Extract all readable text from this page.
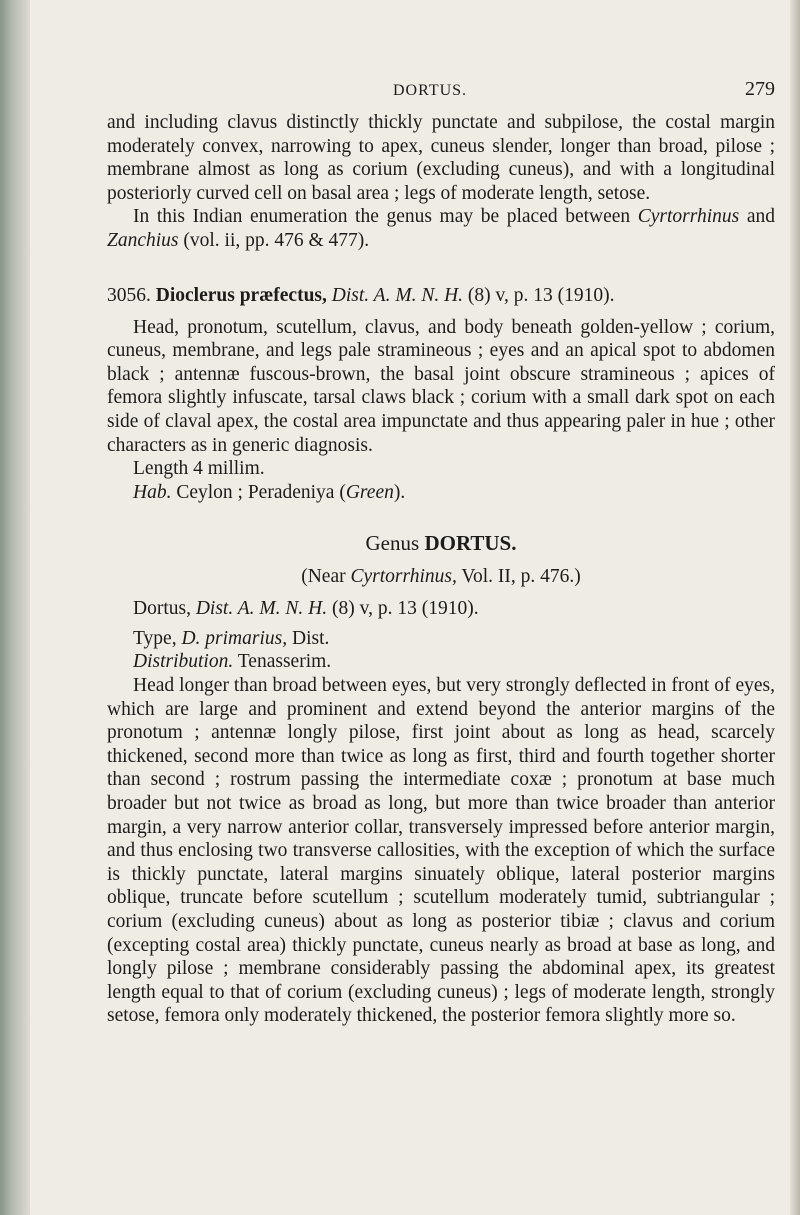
DORTUS.	279

and including clavus distinctly thickly punctate and subpilose, the costal margin moderately convex, narrowing to apex, cuneus slender, longer than broad, pilose ; membrane almost as long as corium (excluding cuneus), and with a longitudinal posteriorly curved cell on basal area ; legs of moderate length, setose.

In this Indian enumeration the genus may be placed between Cyrtorrhinus and Zanchius (vol. ii, pp. 476 & 477).

3056. Dioclerus præfectus, Dist. A. M. N. H. (8) v, p. 13 (1910).

Head, pronotum, scutellum, clavus, and body beneath golden-yellow ; corium, cuneus, membrane, and legs pale stramineous ; eyes and an apical spot to abdomen black ; antennæ fuscous-brown, the basal joint obscure stramineous ; apices of femora slightly infuscate, tarsal claws black ; corium with a small dark spot on each side of claval apex, the costal area impunctate and thus appearing paler in hue ; other characters as in generic diagnosis.

Length 4 millim.

Hab. Ceylon ; Peradeniya (Green).

Genus DORTUS.

(Near Cyrtorrhinus, Vol. II, p. 476.)

Dortus, Dist. A. M. N. H. (8) v, p. 13 (1910).

Type, D. primarius, Dist.

Distribution. Tenasserim.

Head longer than broad between eyes, but very strongly deflected in front of eyes, which are large and prominent and extend beyond the anterior margins of the pronotum ; antennæ longly pilose, first joint about as long as head, scarcely thickened, second more than twice as long as first, third and fourth together shorter than second ; rostrum passing the intermediate coxæ ; pronotum at base much broader but not twice as broad as long, but more than twice broader than anterior margin, a very narrow anterior collar, transversely impressed before anterior margin, and thus enclosing two transverse callosities, with the exception of which the surface is thickly punctate, lateral margins sinuately oblique, lateral posterior margins oblique, truncate before scutellum ; scutellum moderately tumid, subtriangular ; corium (excluding cuneus) about as long as posterior tibiæ ; clavus and corium (excepting costal area) thickly punctate, cuneus nearly as broad at base as long, and longly pilose ; membrane considerably passing the abdominal apex, its greatest length equal to that of corium (excluding cuneus) ; legs of moderate length, strongly setose, femora only moderately thickened, the posterior femora slightly more so.
